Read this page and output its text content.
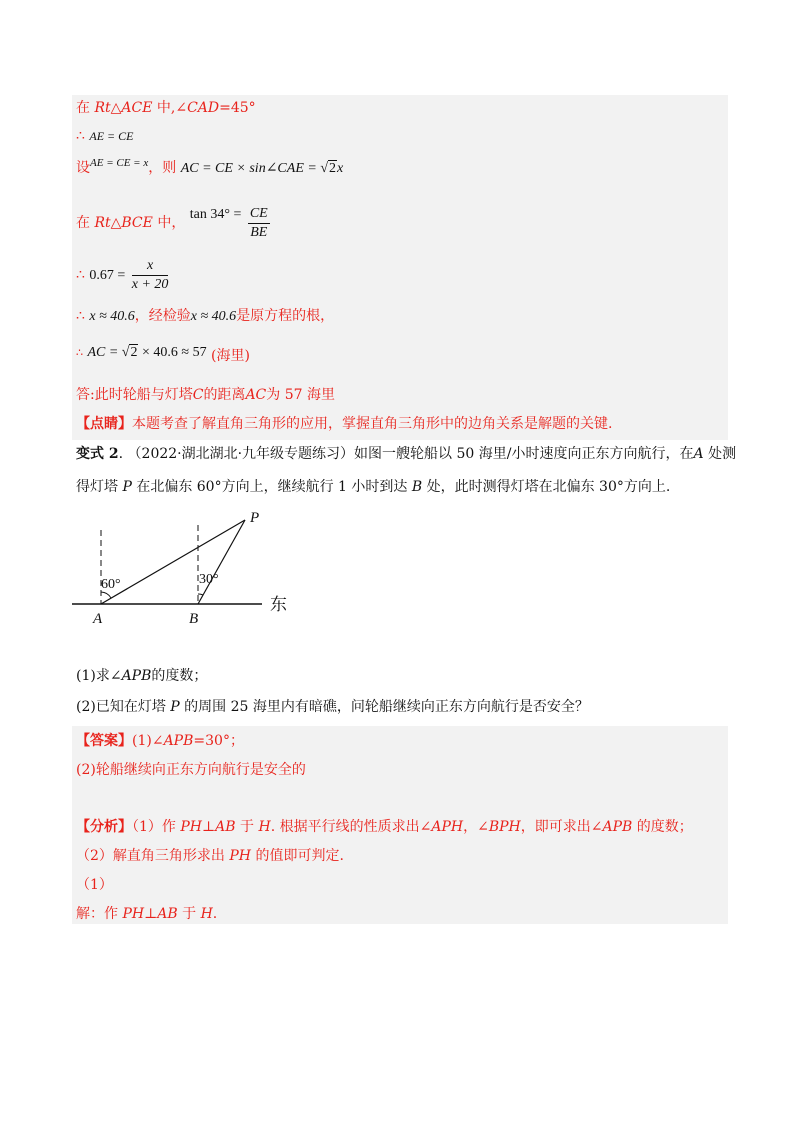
在 Rt△ACE 中,∠CAD=45°
∴ AE = CE
设$^{AE = CE = x}$，则 AC = CE × sin∠CAE = √2x
在 Rt△BCE 中， $\tan 34^\circ = \frac{CE}{BE}$
∴ $0.67 = \frac{x}{x + 20}$
∴ x ≈ 40.6，经检验x ≈ 40.6是原方程的根，
∴ AC = √2 × 40.6 ≈ 57 (海里)
答:此时轮船与灯塔C的距离AC为 57 海里
【点睛】本题考查了解直角三角形的应用，掌握直角三角形中的边角关系是解题的关键.
变式 2. （2022·湖北湖北·九年级专题练习）如图一艘轮船以 50 海里/小时速度向正东方向航行，在A 处测
得灯塔 P 在北偏东 60°方向上，继续航行 1 小时到达 B 处，此时测得灯塔在北偏东 30°方向上.
P
A	B
60°	30°
东
(1)求∠APB的度数；
(2)已知在灯塔 P 的周围 25 海里内有暗礁，问轮船继续向正东方向航行是否安全？
【答案】(1)∠APB=30°；
(2)轮船继续向正东方向航行是安全的
【分析】（1）作 PH⊥AB 于 H. 根据平行线的性质求出∠APH，∠BPH，即可求出∠APB 的度数；
（2）解直角三角形求出 PH 的值即可判定.
（1）
解：作 PH⊥AB 于 H.
